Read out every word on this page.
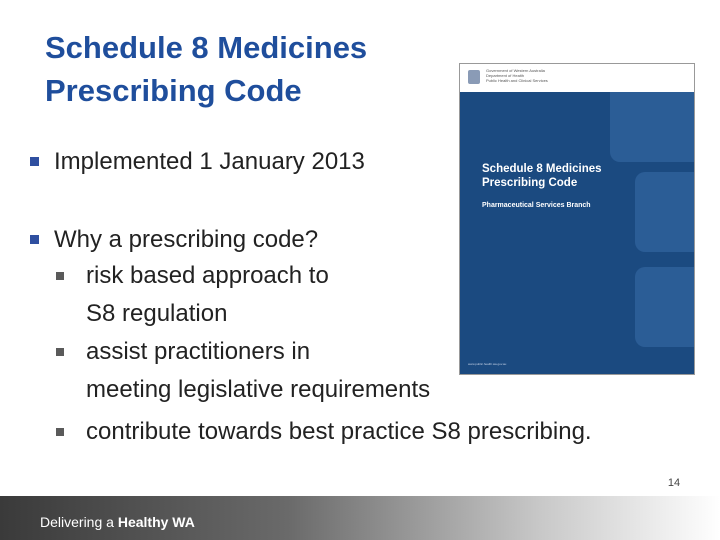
Schedule 8 Medicines
Prescribing Code
Implemented 1 January 2013
Why a prescribing code?
risk based approach to
S8 regulation
assist practitioners in
meeting legislative requirements
contribute towards best practice S8 prescribing.
Government of Western Australia
Department of Health
Public Health and Clinical Services
Schedule 8 Medicines
Prescribing Code
Pharmaceutical Services Branch
www.public.health.wa.gov.au
Delivering a Healthy WA
14
